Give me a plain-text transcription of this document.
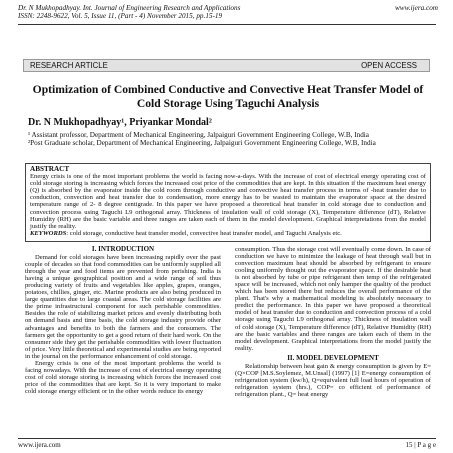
Dr. N Mukhopadhyay. Int. Journal of Engineering Research and Applications	www.ijera.com
ISSN: 2248-9622, Vol. 5, Issue 11, (Part - 4) November 2015, pp.15-19
RESEARCH ARTICLE	OPEN ACCESS
Optimization of Combined Conductive and Convective Heat Transfer Model of Cold Storage Using Taguchi Analysis
Dr. N Mukhopadhyay¹, Priyankar Mondal²
¹ Assistant professor, Department of Mechanical Engineering, Jalpaiguri Government Engineering College, W.B, India
²Post Graduate scholar, Department of Mechanical Engineering, Jalpaiguri Government Engineering College, W.B, India
ABSTRACT
Energy crisis is one of the most important problems the world is facing now-a-days. With the increase of cost of electrical energy operating cost of cold storage storing is increasing which forces the increased cost price of the commodities that are kept. In this situation if the maximum heat energy (Q) is absorbed by the evaporator inside the cold room through conductive and convective heat transfer process in terms of -heat transfer due to conduction, convection and heat transfer due to condensation, more energy has to be wasted to maintain the evaporator space at the desired temperature range of 2- 8 degree centigrade. In this paper we have proposed a theoretical heat transfer in cold storage due to conduction and convection process using Taguchi L9 orthogonal array. Thickness of insulation wall of cold storage (X), Temperature difference (dT), Relative Humidity (RH) are the basic variable and three ranges are taken each of them in the model development. Graphical interpretations from the model justify the reality.
KEYWORDS: cold storage, conductive heat transfer model, convective heat transfer model, and Taguchi Analysis etc.
I. INTRODUCTION

Demand for cold storages have been increasing rapidly over the past couple of decades so that food commodities can be uniformly supplied all through the year and food items are prevented from perishing. India is having a unique geographical position and a wide range of soil thus producing variety of fruits and vegetables like apples, grapes, oranges, potatoes, chillies, ginger, etc. Marine products are also being produced in large quantities due to large coastal areas. The cold storage facilities are the prime infrastructural component for such perishable commodities. Besides the role of stabilizing market prices and evenly distributing both on demand basis and time basis, the cold storage industry provide other advantages and benefits to both the farmers and the consumers. The farmers get the opportunity to get a good return of their hard work. On the consumer side they get the perishable commodities with lower fluctuation of price. Very little theoretical and experimental studies are being reported in the journal on the performance enhancement of cold storage.

Energy crisis is one of the most important problems the world is facing nowadays. With the increase of cost of electrical energy operating cost of cold storage storing is increasing which forces the increased cost price of the commodities that are kept. So it is very important to make cold storage energy efficient or in the other words reduce its energy

consumption. Thus the storage cost will eventually come down. In case of conduction we have to minimize the leakage of heat through wall but in convection maximum heat should be absorbed by refrigerant to ensure cooling uniformly thought out the evaporator space. If the desirable heat is not absorbed by tube or pipe refrigerant then temp of the refrigerated space will be increased, which not only hamper the quality of the product which has been stored there but reduces the overall performance of the plant. That's why a mathematical modeling is absolutely necessary to predict the performance. In this paper we have proposed a theoretical model of heat transfer due to conduction and convection process of a cold storage using Taguchi L9 orthogonal array. Thickness of insulation wall of cold storage (X), Temperature difference (dT), Relative Humidity (RH) are the basic variables and three ranges are taken each of them in the model development. Graphical interpretations from the model justify the reality.

II. MODEL DEVELOPMENT

Relationship between heat gain & energy consumption is given by E= (Q×COP [M.S.Soylemez, M.Unsal] (1997) [1] E=energy consumption of refrigeration system (kw/h), Q=equivalent full load hours of operation of refrigeration system (hrs.), COP= co efficient of performance of refrigeration plant., Q= heat energy

www.ijera.com	15 | P a g e
